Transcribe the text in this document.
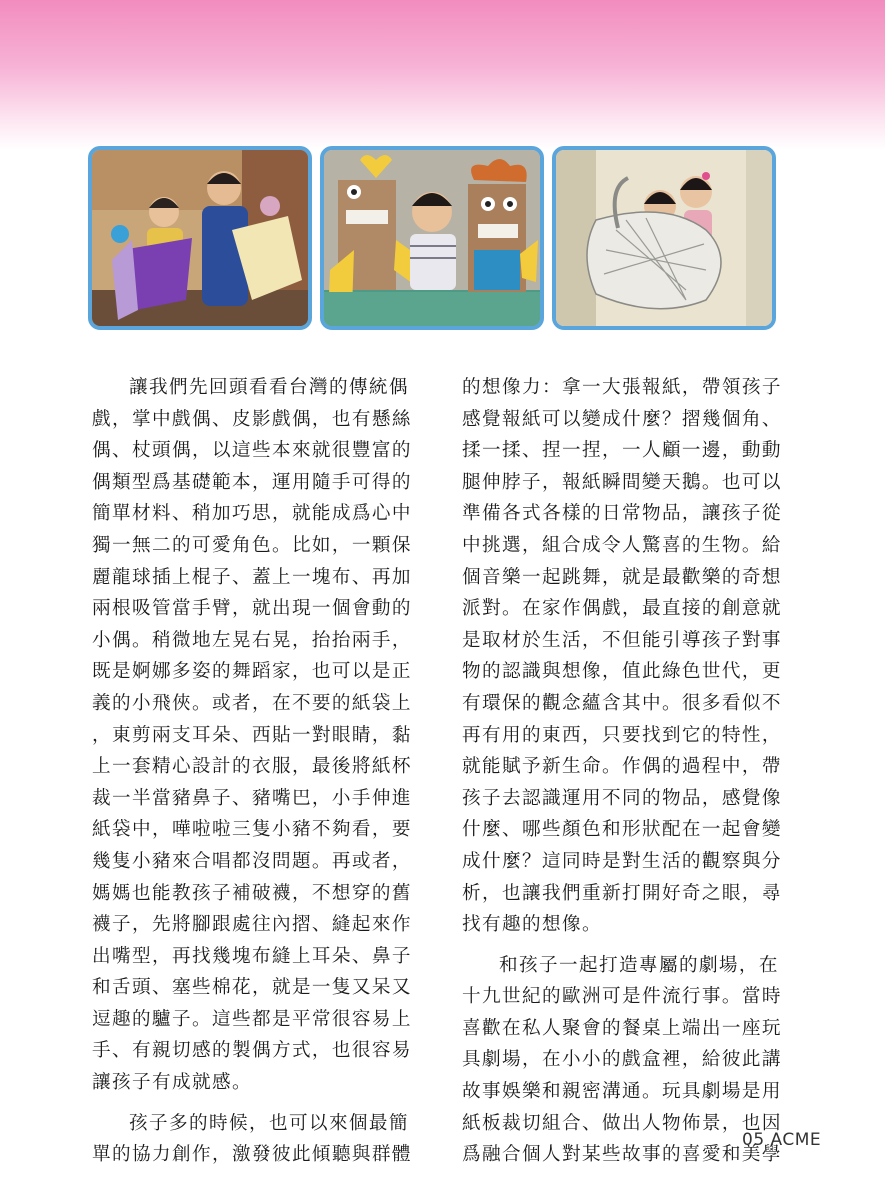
讓我們先回頭看看台灣的傳統偶

戲，掌中戲偶、皮影戲偶，也有懸絲

偶、杖頭偶，以這些本來就很豐富的

偶類型爲基礎範本，運用隨手可得的

簡單材料、稍加巧思，就能成爲心中

獨一無二的可愛角色。比如，一顆保

麗龍球插上棍子、蓋上一塊布、再加

兩根吸管當手臂，就出現一個會動的

小偶。稍微地左晃右晃，抬抬兩手，

既是婀娜多姿的舞蹈家，也可以是正

義的小飛俠。或者，在不要的紙袋上

，東剪兩支耳朵、西貼一對眼睛，黏

上一套精心設計的衣服，最後將紙杯

裁一半當豬鼻子、豬嘴巴，小手伸進

紙袋中，嘩啦啦三隻小豬不夠看，要

幾隻小豬來合唱都沒問題。再或者，

媽媽也能教孩子補破襪，不想穿的舊

襪子，先將腳跟處往內摺、縫起來作

出嘴型，再找幾塊布縫上耳朵、鼻子

和舌頭、塞些棉花，就是一隻又呆又

逗趣的驢子。這些都是平常很容易上

手、有親切感的製偶方式，也很容易

讓孩子有成就感。

孩子多的時候，也可以來個最簡

單的協力創作，激發彼此傾聽與群體

的想像力：拿一大張報紙，帶領孩子

感覺報紙可以變成什麼？摺幾個角、

揉一揉、捏一捏，一人顧一邊，動動

腿伸脖子，報紙瞬間變天鵝。也可以

準備各式各樣的日常物品，讓孩子從

中挑選，組合成令人驚喜的生物。給

個音樂一起跳舞，就是最歡樂的奇想

派對。在家作偶戲，最直接的創意就

是取材於生活，不但能引導孩子對事

物的認識與想像，值此綠色世代，更

有環保的觀念蘊含其中。很多看似不

再有用的東西，只要找到它的特性，

就能賦予新生命。作偶的過程中，帶

孩子去認識運用不同的物品，感覺像

什麼、哪些顏色和形狀配在一起會變

成什麼？這同時是對生活的觀察與分

析，也讓我們重新打開好奇之眼，尋

找有趣的想像。

和孩子一起打造專屬的劇場，在

十九世紀的歐洲可是件流行事。當時

喜歡在私人聚會的餐桌上端出一座玩

具劇場，在小小的戲盒裡，給彼此講

故事娛樂和親密溝通。玩具劇場是用

紙板裁切組合、做出人物佈景，也因

爲融合個人對某些故事的喜愛和美學

05 ACME
